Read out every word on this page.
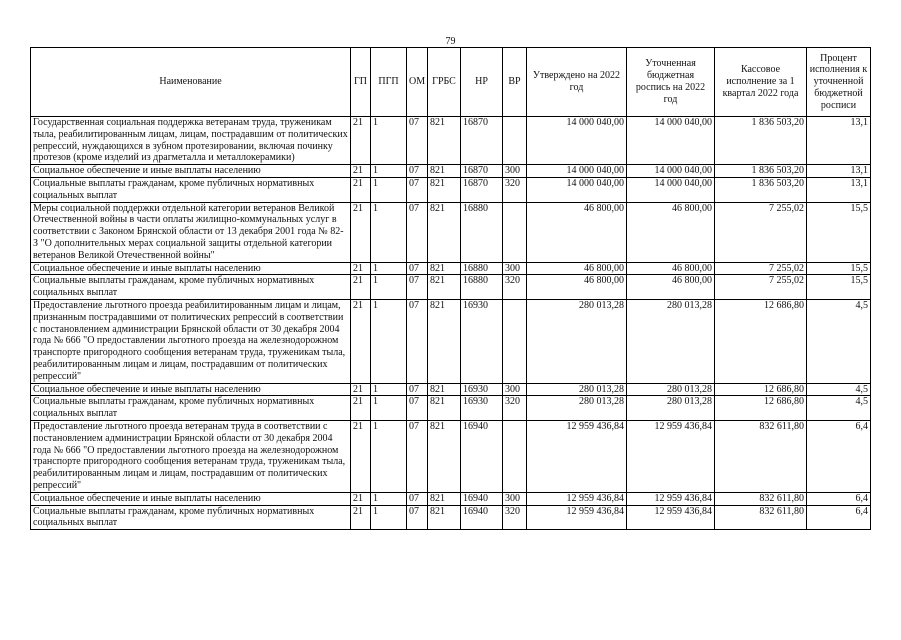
79
Наименование	ГП	ПГП	ОМ	ГРБС	НР	ВР	Утверждено на 2022 год	Уточненная бюджетная роспись на 2022 год	Кассовое исполнение за 1 квартал 2022 года	Процент исполнения к уточненной бюджетной росписи
Государственная социальная поддержка ветеранам труда, труженикам тыла, реабилитированным лицам, лицам, пострадавшим от политических репрессий, нуждающихся в зубном протезировании, включая починку протезов (кроме изделий из драгметалла и металлокерамики)	21	1	07	821	16870		14 000 040,00	14 000 040,00	1 836 503,20	13,1
Социальное обеспечение и иные выплаты населению	21	1	07	821	16870	300	14 000 040,00	14 000 040,00	1 836 503,20	13,1
Социальные выплаты гражданам, кроме публичных нормативных социальных выплат	21	1	07	821	16870	320	14 000 040,00	14 000 040,00	1 836 503,20	13,1
Меры социальной поддержки отдельной категории ветеранов Великой Отечественной войны в части оплаты жилищно-коммунальных услуг в соответствии с Законом Брянской области от 13 декабря 2001 года № 82-З "О дополнительных мерах социальной защиты отдельной категории ветеранов Великой Отечественной войны"	21	1	07	821	16880		46 800,00	46 800,00	7 255,02	15,5
Социальное обеспечение и иные выплаты населению	21	1	07	821	16880	300	46 800,00	46 800,00	7 255,02	15,5
Социальные выплаты гражданам, кроме публичных нормативных социальных выплат	21	1	07	821	16880	320	46 800,00	46 800,00	7 255,02	15,5
Предоставление льготного проезда реабилитированным лицам и лицам, признанным пострадавшими от политических репрессий в соответствии с постановлением администрации Брянской области от 30 декабря 2004 года № 666 "О предоставлении льготного проезда на железнодорожном транспорте пригородного сообщения ветеранам труда, труженикам тыла, реабилитированным лицам и лицам, пострадавшим от политических репрессий"	21	1	07	821	16930		280 013,28	280 013,28	12 686,80	4,5
Социальное обеспечение и иные выплаты населению	21	1	07	821	16930	300	280 013,28	280 013,28	12 686,80	4,5
Социальные выплаты гражданам, кроме публичных нормативных социальных выплат	21	1	07	821	16930	320	280 013,28	280 013,28	12 686,80	4,5
Предоставление льготного проезда ветеранам труда в соответствии с постановлением администрации Брянской области от 30 декабря 2004 года № 666 "О предоставлении льготного проезда на железнодорожном транспорте пригородного сообщения ветеранам труда, труженикам тыла, реабилитированным лицам и лицам, пострадавшим от политических репрессий"	21	1	07	821	16940		12 959 436,84	12 959 436,84	832 611,80	6,4
Социальное обеспечение и иные выплаты населению	21	1	07	821	16940	300	12 959 436,84	12 959 436,84	832 611,80	6,4
Социальные выплаты гражданам, кроме публичных нормативных социальных выплат	21	1	07	821	16940	320	12 959 436,84	12 959 436,84	832 611,80	6,4
